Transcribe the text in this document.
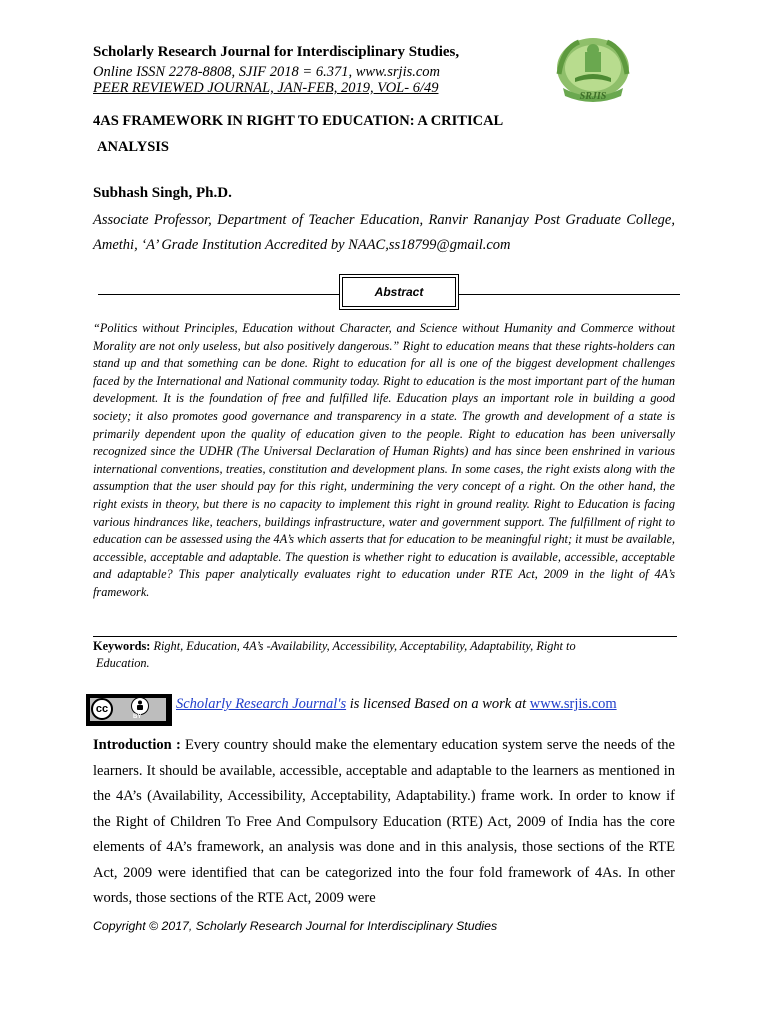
Scholarly Research Journal for Interdisciplinary Studies,
Online ISSN 2278-8808, SJIF 2018 = 6.371, www.srjis.com
PEER REVIEWED JOURNAL, JAN-FEB, 2019, VOL- 6/49
SRJIS
4AS FRAMEWORK IN RIGHT TO EDUCATION: A CRITICAL
ANALYSIS
Subhash Singh, Ph.D.
Associate Professor, Department of Teacher Education, Ranvir Rananjay Post Graduate College, Amethi, ‘A’ Grade Institution Accredited by NAAC,ss18799@gmail.com
Abstract
“Politics without Principles, Education without Character, and Science without Humanity and Commerce without Morality are not only useless, but also positively dangerous.” Right to education means that these rights-holders can stand up and that something can be done. Right to education for all is one of the biggest development challenges faced by the International and National community today. Right to education is the most important part of the human development. It is the foundation of free and fulfilled life. Education plays an important role in building a good society; it also promotes good governance and transparency in a state. The growth and development of a state is primarily dependent upon the quality of education given to the people. Right to education has been universally recognized since the UDHR (The Universal Declaration of Human Rights) and has since been enshrined in various international conventions, treaties, constitution and development plans. In some cases, the right exists along with the assumption that the user should pay for this right, undermining the very concept of a right. On the other hand, the right exists in theory, but there is no capacity to implement this right in ground reality. Right to Education is facing various hindrances like, teachers, buildings infrastructure, water and government support. The fulfillment of right to education can be assessed using the 4A’s which asserts that for education to be meaningful right; it must be available, accessible, acceptable and adaptable. The question is whether right to education is available, accessible, acceptable and adaptable? This paper analytically evaluates right to education under RTE Act, 2009 in the light of 4A’s framework.
Keywords: Right, Education, 4A’s -Availability, Accessibility, Acceptability, Adaptability, Right to
Education.
cc
BY
Scholarly Research Journal's is licensed Based on a work at www.srjis.com
Introduction : Every country should make the elementary education system serve the needs of the learners. It should be available, accessible, acceptable and adaptable to the learners as mentioned in the 4A’s (Availability, Accessibility, Acceptability, Adaptability.) frame work. In order to know if the Right of Children To Free And Compulsory Education (RTE) Act, 2009 of India has the core elements of 4A’s framework, an analysis was done and in this analysis, those sections of the RTE Act, 2009 were identified that can be categorized into the four fold framework of 4As. In other words, those sections of the RTE Act, 2009 were
Copyright © 2017, Scholarly Research Journal for Interdisciplinary Studies
